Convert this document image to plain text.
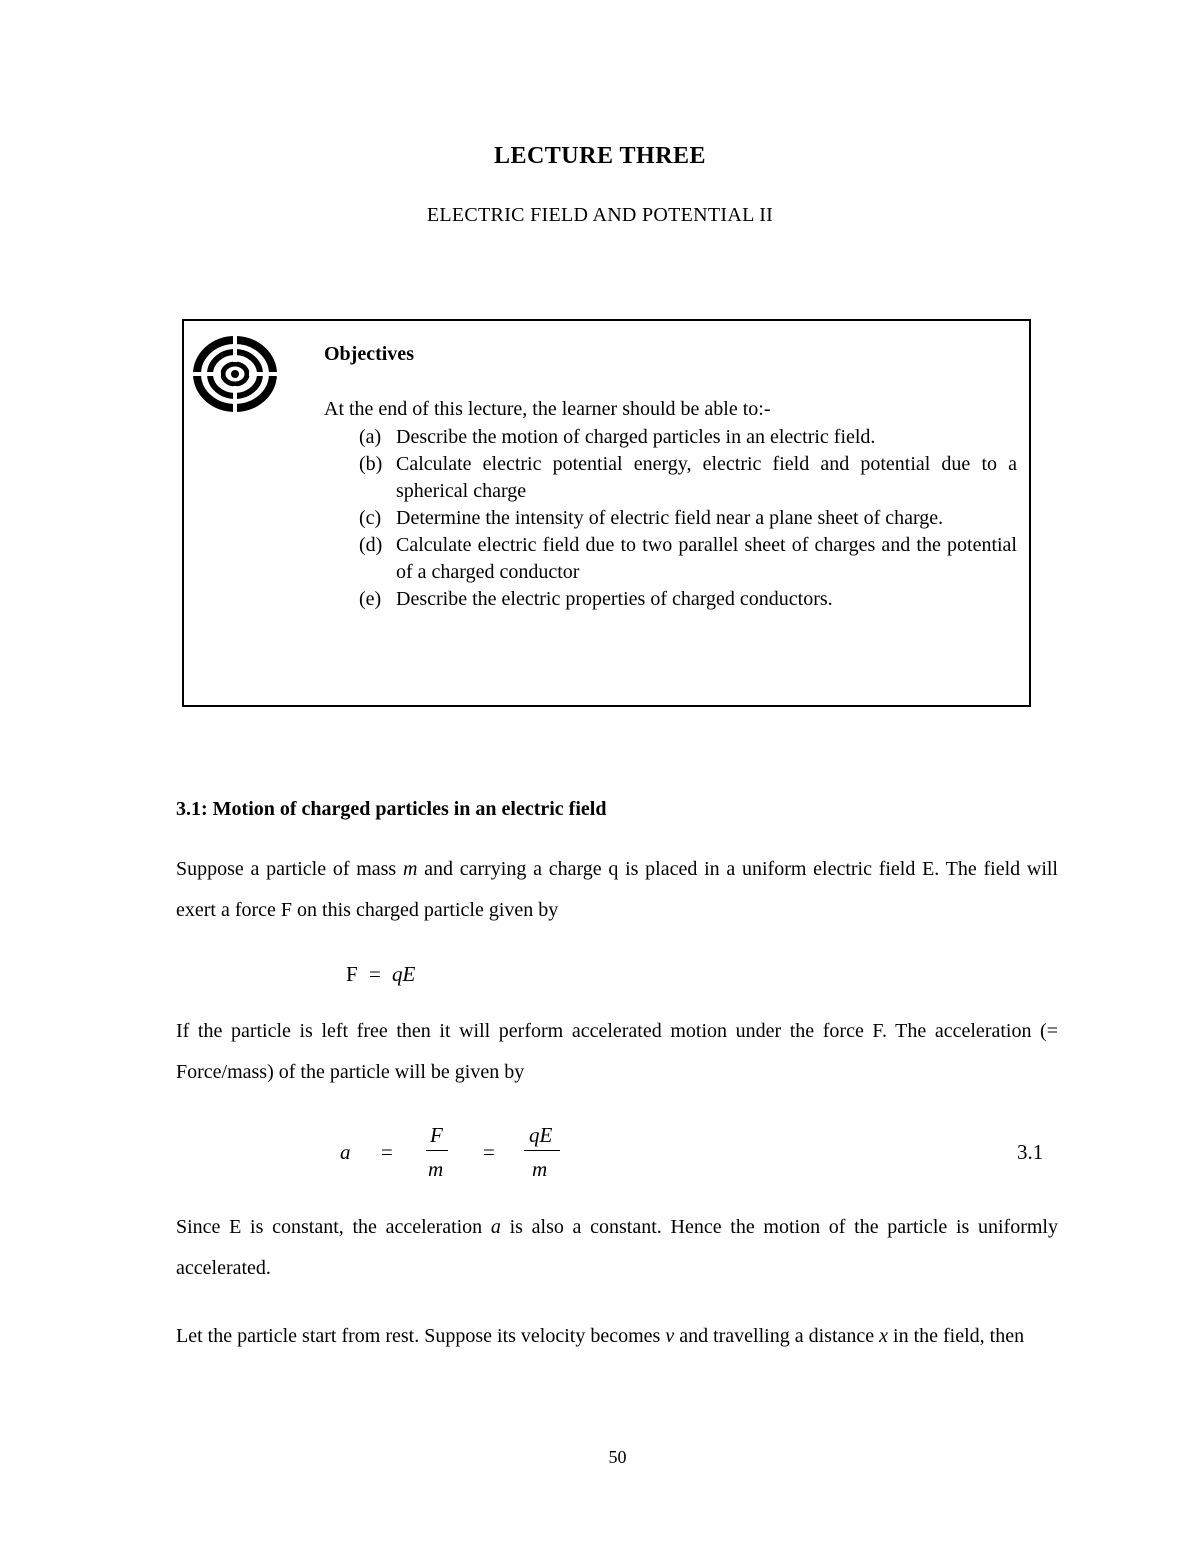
LECTURE THREE
ELECTRIC FIELD AND POTENTIAL II
Objectives
At the end of this lecture, the learner should be able to:-
(a) Describe the motion of charged particles in an electric field.
(b) Calculate electric potential energy, electric field and potential due to a spherical charge
(c) Determine the intensity of electric field near a plane sheet of charge.
(d) Calculate electric field due to two parallel sheet of charges and the potential of a charged conductor
(e) Describe the electric properties of charged conductors.
3.1: Motion of charged particles in an electric field

Suppose a particle of mass m and carrying a charge q is placed in a uniform electric field E. The field will exert a force F on this charged particle given by

F = qE

If the particle is left free then it will perform accelerated motion under the force F. The acceleration (= Force/mass) of the particle will be given by

a =
F
m
=
qE
m
3.1

Since E is constant, the acceleration a is also a constant. Hence the motion of the particle is uniformly accelerated.

Let the particle start from rest. Suppose its velocity becomes v and travelling a distance x in the field, then

50
